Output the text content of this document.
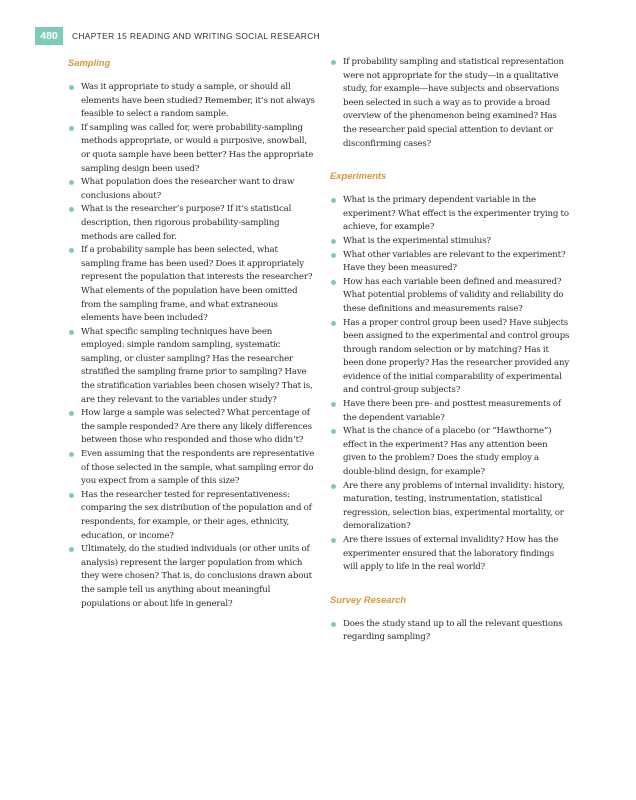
480	CHAPTER 15 READING AND WRITING SOCIAL RESEARCH
Sampling
Was it appropriate to study a sample, or should all elements have been studied? Remember, it’s not always feasible to select a random sample.
If sampling was called for, were probability-sampling methods appropriate, or would a purposive, snowball, or quota sample have been better? Has the appropriate sampling design been used?
What population does the researcher want to draw conclusions about?
What is the researcher’s purpose? If it’s statistical description, then rigorous probability-sampling methods are called for.
If a probability sample has been selected, what sampling frame has been used? Does it appropriately represent the population that interests the researcher? What elements of the population have been omitted from the sampling frame, and what extraneous elements have been included?
What specific sampling techniques have been employed: simple random sampling, systematic sampling, or cluster sampling? Has the researcher stratified the sampling frame prior to sampling? Have the stratification variables been chosen wisely? That is, are they relevant to the variables under study?
How large a sample was selected? What percentage of the sample responded? Are there any likely differences between those who responded and those who didn’t?
Even assuming that the respondents are representative of those selected in the sample, what sampling error do you expect from a sample of this size?
Has the researcher tested for representativeness: comparing the sex distribution of the population and of respondents, for example, or their ages, ethnicity, education, or income?
Ultimately, do the studied individuals (or other units of analysis) represent the larger population from which they were chosen? That is, do conclusions drawn about the sample tell us anything about meaningful populations or about life in general?
If probability sampling and statistical representation were not appropriate for the study—in a qualitative study, for example—have subjects and observations been selected in such a way as to provide a broad overview of the phenomenon being examined? Has the researcher paid special attention to deviant or disconfirming cases?
Experiments
What is the primary dependent variable in the experiment? What effect is the experimenter trying to achieve, for example?
What is the experimental stimulus?
What other variables are relevant to the experiment? Have they been measured?
How has each variable been defined and measured? What potential problems of validity and reliability do these definitions and measurements raise?
Has a proper control group been used? Have subjects been assigned to the experimental and control groups through random selection or by matching? Has it been done properly? Has the researcher provided any evidence of the initial comparability of experimental and control-group subjects?
Have there been pre- and posttest measurements of the dependent variable?
What is the chance of a placebo (or “Hawthorne”) effect in the experiment? Has any attention been given to the problem? Does the study employ a double-blind design, for example?
Are there any problems of internal invalidity: history, maturation, testing, instrumentation, statistical regression, selection bias, experimental mortality, or demoralization?
Are there issues of external invalidity? How has the experimenter ensured that the laboratory findings will apply to life in the real world?
Survey Research
Does the study stand up to all the relevant questions regarding sampling?
